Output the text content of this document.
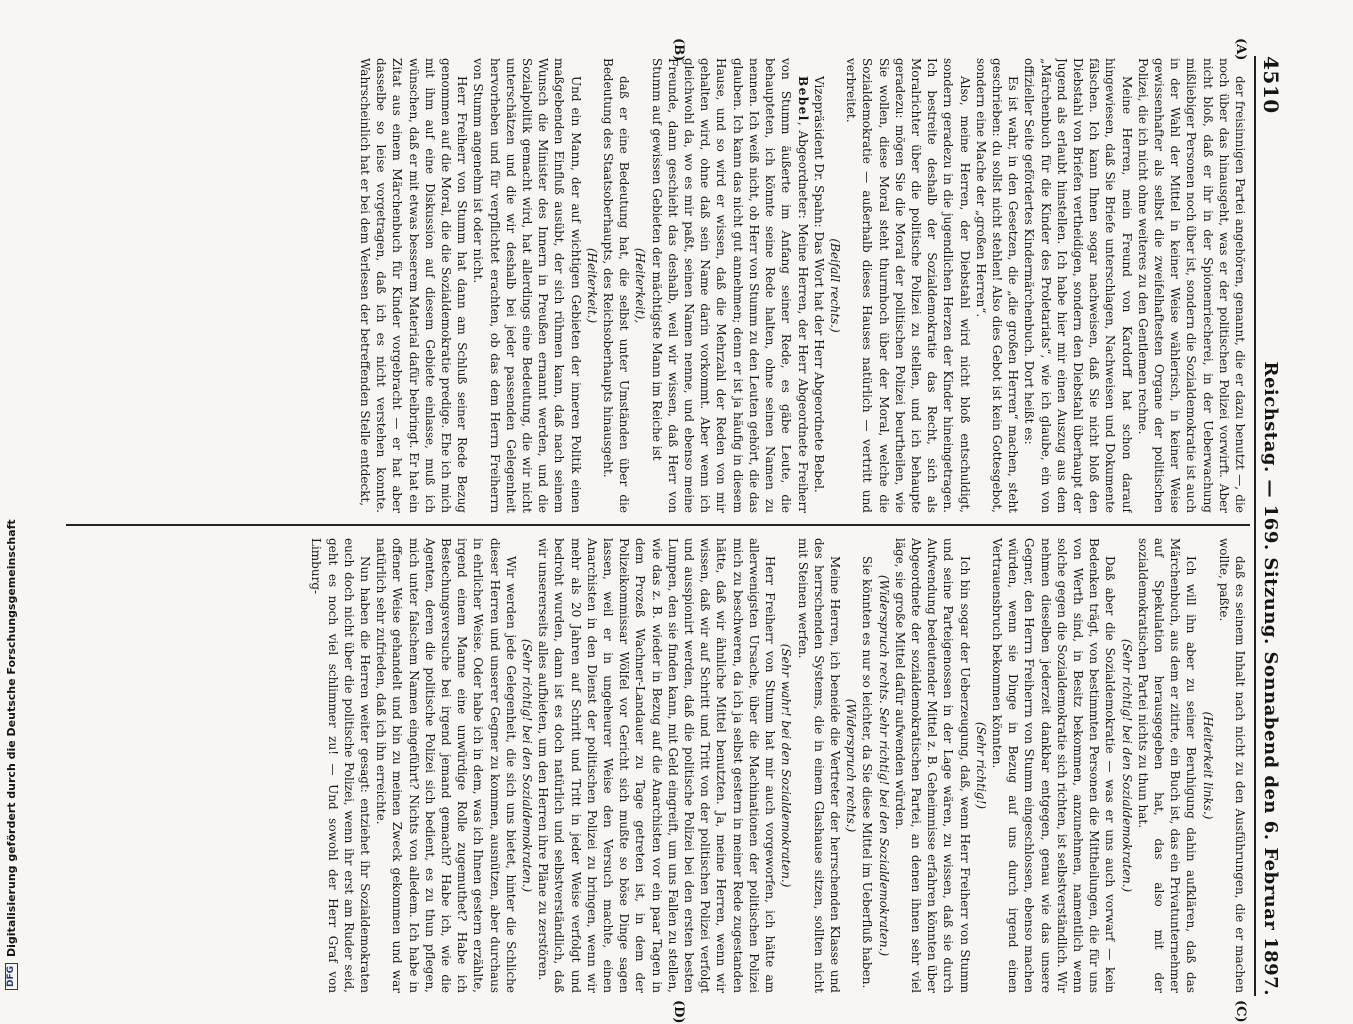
DFG
Digitalisierung gefördert durch die Deutsche Forschungsgemeinschaft
4510
Reichstag. — 169. Sitzung. Sonnabend den 6. Februar 1897.
(A)
(B)
(C)
(D)

der freisinnigen Partei angehören, genannt, die er dazu benutzt —, die noch über das hinausgeht, was er der politischen Polizei vorwirft. Aber nicht bloß, daß er ihr in der Spionenriecherei, in der Ueberwachung mißliebiger Personen noch über ist, sondern die Sozialdemokratie ist auch in der Wahl der Mittel in keiner Weise wählerisch, in keiner Weise gewissenhafter als selbst die zweifelhaftesten Organe der politischen Polizei, die ich nicht ohne weiteres zu den Gentlemen rechne.

Meine Herren, mein Freund von Kardorff hat schon darauf hingewiesen, daß Sie Briefe unterschlagen, Nachweisen und Dokumente fälschen. Ich kann Ihnen sogar nachweisen, daß Sie nicht bloß den Diebstahl von Briefen vertheidigen, sondern den Diebstahl überhaupt der Jugend als erlaubt hinstellen. Ich habe hier mir einen Auszug aus dem „Märchenbuch für die Kinder des Proletariats“, wie ich glaube, ein von offizieller Seite gefördertes Kindermärchenbuch. Dort heißt es:

Es ist wahr, in den Gesetzen, die „die großen Herren“ machen, steht geschrieben: du sollst nicht stehlen! Also dies Gebot ist kein Gottesgebot, sondern eine Mache der „großen Herren“.

Also, meine Herren, der Diebstahl wird nicht bloß entschuldigt, sondern geradezu in die jugendlichen Herzen der Kinder hineingetragen. Ich bestreite deshalb der Sozialdemokratie das Recht, sich als Moralrichter über die politische Polizei zu stellen, und ich behaupte geradezu: mögen Sie die Moral der politischen Polizei beurtheilen, wie Sie wollen, diese Moral steht thurmhoch über der Moral, welche die Sozialdemokratie — außerhalb dieses Hauses natürlich — vertritt und verbreitet.

(Beifall rechts.)

Vizepräsident Dr. Spahn: Das Wort hat der Herr Abgeordnete Bebel.

Bebel, Abgeordneter: Meine Herren, der Herr Abgeordnete Freiherr von Stumm äußerte im Anfang seiner Rede, es gäbe Leute, die behaupteten, ich könnte seine Rede halten, ohne seinen Namen zu nennen. Ich weiß nicht, ob Herr von Stumm zu den Leuten gehört, die das glauben. Ich kann das nicht gut annehmen; denn er ist ja häufig in diesem Hause, und so wird er wissen, daß die Mehrzahl der Reden von mir gehalten wird, ohne daß sein Name darin vorkommt. Aber wenn ich gleichwohl da, wo es mir paßt, seinen Namen nenne, und ebenso meine Freunde, dann geschieht das deshalb, weil wir wissen, daß Herr von Stumm auf gewissen Gebieten der mächtigste Mann im Reiche ist

(Heiterkeit),

daß er eine Bedeutung hat, die selbst unter Umständen über die Bedeutung des Staatsoberhaupts, des Reichsoberhaupts hinausgeht.

(Heiterkeit.)

Und ein Mann, der auf wichtigen Gebieten der inneren Politik einen maßgebenden Einfluß ausübt, der sich rühmen kann, daß nach seinem Wunsch die Minister des Innern in Preußen ernannt werden, und die Sozialpolitik gemacht wird, hat allerdings eine Bedeutung, die wir nicht unterschätzen und die wir deshalb bei jeder passenden Gelegenheit hervorheben und für verpflichtet erachten, ob das dem Herrn Freiherrn von Stumm angenehm ist oder nicht.

Herr Freiherr von Stumm hat dann am Schluß seiner Rede Bezug genommen auf die Moral, die die Sozialdemokratie predige. Ehe ich mich mit ihm auf eine Diskussion auf diesem Gebiete einlasse, muß ich wünschen, daß er mit etwas besserem Material dafür beibringt. Er hat ein Zitat aus einem Märchenbuch für Kinder vorgebracht — er hat aber dasselbe so leise vorgetragen, daß ich es nicht verstehen konnte. Wahrscheinlich hat er bei dem Verlesen der betreffenden Stelle entdeckt,

daß es seinem Inhalt nach nicht zu den Ausführungen, die er machen wollte, paßte.

(Heiterkeit links.)

Ich will ihn aber zu seiner Beruhigung dahin aufklären, daß das Märchenbuch, aus dem er zitirte, ein Buch ist, das ein Privatunternehmer auf Spekulation herausgegeben hat, das also mit der sozialdemokratischen Partei nichts zu thun hat.

(Sehr richtig! bei den Sozialdemokraten.)

Daß aber die Sozialdemokratie — was er uns auch vorwarf — kein Bedenken trägt, von bestimmten Personen die Mittheilungen, die für uns von Werth sind, in Besitz bekommen, anzunehmen, namentlich wenn solche gegen die Sozialdemokratie sich richten, ist selbstverständlich. Wir nehmen dieselben jederzeit dankbar entgegen, genau wie das unsere Gegner, den Herrn Freiherrn von Stumm eingeschlossen, ebenso machen würden, wenn sie Dinge in Bezug auf uns durch irgend einen Vertrauensbruch bekommen könnten.

(Sehr richtig!)

Ich bin sogar der Ueberzeugung, daß, wenn Herr Freiherr von Stumm und seine Parteigenossen in der Lage wären, zu wissen, daß sie durch Aufwendung bedeutender Mittel z. B. Geheimnisse erfahren könnten über Abgeordnete der sozialdemokratischen Partei, an denen ihnen sehr viel läge, sie große Mittel dafür aufwenden würden.

(Widerspruch rechts. Sehr richtig! bei den Sozialdemokraten.)

Sie könnten es nur so leichter, da Sie diese Mittel im Ueberfluß haben.

(Widerspruch rechts.)

Meine Herren, ich beneide die Vertreter der herrschenden Klasse und des herrschenden Systems, die in einem Glashause sitzen, sollten nicht mit Steinen werfen.

(Sehr wahr! bei den Sozialdemokraten.)

Herr Freiherr von Stumm hat mir auch vorgeworfen, ich hätte am allerwenigsten Ursache, über die Machinationen der politischen Polizei mich zu beschweren, da ich ja selbst gestern in meiner Rede zugestanden hätte, daß wir ähnliche Mittel benutzten. Ja, meine Herren, wenn wir wissen, daß wir auf Schritt und Tritt von der politischen Polizei verfolgt und ausspionirt werden, daß die politische Polizei bei den ersten besten Lumpen, den sie finden kann, mit Geld eingreift, um uns Fallen zu stellen, wie das z. B. wieder in Bezug auf die Anarchisten vor ein paar Tagen in dem Prozeß Wachner-Landauer zu Tage getreten ist, in dem der Polizeikommissar Wölfel vor Gericht sich mußte so böse Dinge sagen lassen, weil er in ungeheurer Weise den Versuch machte, einen Anarchisten in den Dienst der politischen Polizei zu bringen, wenn wir mehr als 20 Jahren auf Schritt und Tritt in jeder Weise verfolgt und bedroht wurden, dann ist es doch natürlich und selbstverständlich, daß wir unsererseits alles aufbieten, um den Herren ihre Pläne zu zerstören.

(Sehr richtig! bei den Sozialdemokraten.)

Wir werden jede Gelegenheit, die sich uns bietet, hinter die Schliche dieser Herren und unserer Gegner zu kommen, ausnützen, aber durchaus in ehrlicher Weise. Oder habe ich in dem, was ich Ihnen gestern erzählte, irgend einem Manne eine unwürdige Rolle zugemuthet? Habe ich Bestechungsversuche bei irgend jemand gemacht? Habe ich, wie die Agenten, deren die politische Polizei sich bedient, es zu thun pflegen, mich unter falschem Namen eingeführt? Nichts von alledem. Ich habe in offener Weise gehandelt und bin zu meinen Zweck gekommen und war natürlich sehr zufrieden, daß ich ihn erreichte.

Nun haben die Herren weiter gesagt: entziehet ihr Sozialdemokraten euch doch nicht über die politische Polizei, wenn ihr erst am Ruder seid, geht es noch viel schlimmer zu! — Und sowohl der Herr Graf von Limburg-
